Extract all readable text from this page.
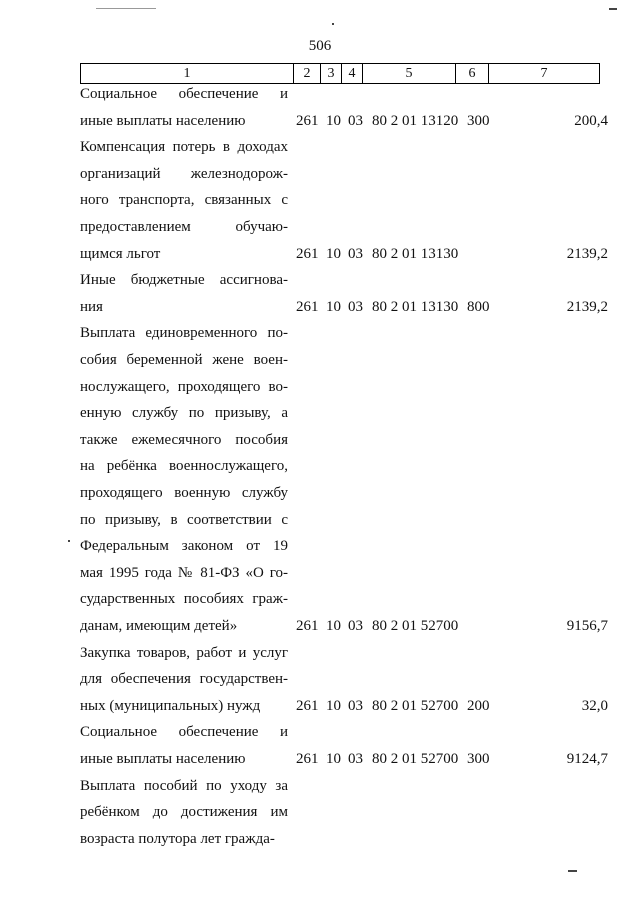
506
1	2	3	4	5	6	7
Социальное обеспечение и
иные выплаты населению	261 10 03 80 2 01 13120 300	200,4
Компенсация потерь в доходах
организаций железнодорож-
ного транспорта, связанных с
предоставлением обучаю-
щимся льгот	261 10 03 80 2 01 13130	2139,2
Иные бюджетные ассигнова-
ния	261 10 03 80 2 01 13130 800	2139,2
Выплата единовременного по-
собия беременной жене воен-
нослужащего, проходящего во-
енную службу по призыву, а
также ежемесячного пособия
на ребёнка военнослужащего,
проходящего военную службу
по призыву, в соответствии с
Федеральным законом от 19
мая 1995 года № 81-ФЗ «О го-
сударственных пособиях граж-
данам, имеющим детей»	261 10 03 80 2 01 52700	9156,7
Закупка товаров, работ и услуг
для обеспечения государствен-
ных (муниципальных) нужд	261 10 03 80 2 01 52700 200	32,0
Социальное обеспечение и
иные выплаты населению	261 10 03 80 2 01 52700 300	9124,7
Выплата пособий по уходу за
ребёнком до достижения им
возраста полутора лет гражда-
